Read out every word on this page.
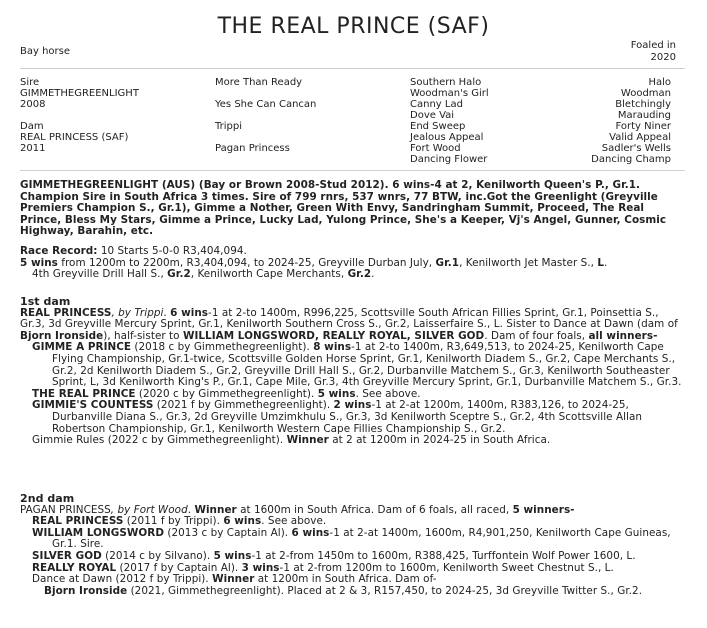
THE REAL PRINCE (SAF)
Bay horse
Foaled in
2020
Sire
GIMMETHEGREENLIGHT
2008
Dam
REAL PRINCESS (SAF)
2011
More Than Ready
Yes She Can Cancan
Trippi
Pagan Princess
Southern Halo
Woodman's Girl
Canny Lad
Dove Vai
End Sweep
Jealous Appeal
Fort Wood
Dancing Flower
Halo
Woodman
Bletchingly
Marauding
Forty Niner
Valid Appeal
Sadler's Wells
Dancing Champ
GIMMETHEGREENLIGHT (AUS) (Bay or Brown 2008-Stud 2012). 6 wins-4 at 2, Kenilworth Queen's P., Gr.1. Champion Sire in South Africa 3 times. Sire of 799 rnrs, 537 wnrs, 77 BTW, inc.Got the Greenlight (Greyville Premiers Champion S., Gr.1), Gimme a Nother, Green With Envy, Sandringham Summit, Proceed, The Real Prince, Bless My Stars, Gimme a Prince, Lucky Lad, Yulong Prince, She's a Keeper, Vj's Angel, Gunner, Cosmic Highway, Barahin, etc.

Race Record: 10 Starts 5-0-0 R3,404,094.

5 wins from 1200m to 2200m, R3,404,094, to 2024-25, Greyville Durban July, Gr.1, Kenilworth Jet Master S., L.
4th Greyville Drill Hall S., Gr.2, Kenilworth Cape Merchants, Gr.2.

1st dam

REAL PRINCESS, by Trippi. 6 wins-1 at 2-to 1400m, R996,225, Scottsville South African Fillies Sprint, Gr.1, Poinsettia S., Gr.3, 3d Greyville Mercury Sprint, Gr.1, Kenilworth Southern Cross S., Gr.2, Laisserfaire S., L. Sister to Dance at Dawn (dam of Bjorn Ironside), half-sister to WILLIAM LONGSWORD, REALLY ROYAL, SILVER GOD. Dam of four foals, all winners-

GIMME A PRINCE (2018 c by Gimmethegreenlight). 8 wins-1 at 2-to 1400m, R3,649,513, to 2024-25, Kenilworth Cape Flying Championship, Gr.1-twice, Scottsville Golden Horse Sprint, Gr.1, Kenilworth Diadem S., Gr.2, Cape Merchants S., Gr.2, 2d Kenilworth Diadem S., Gr.2, Greyville Drill Hall S., Gr.2, Durbanville Matchem S., Gr.3, Kenilworth Southeaster Sprint, L, 3d Kenilworth King's P., Gr.1, Cape Mile, Gr.3, 4th Greyville Mercury Sprint, Gr.1, Durbanville Matchem S., Gr.3.

THE REAL PRINCE (2020 c by Gimmethegreenlight). 5 wins. See above.

GIMMIE'S COUNTESS (2021 f by Gimmethegreenlight). 2 wins-1 at 2-at 1200m, 1400m, R383,126, to 2024-25, Durbanville Diana S., Gr.3, 2d Greyville Umzimkhulu S., Gr.3, 3d Kenilworth Sceptre S., Gr.2, 4th Scottsville Allan Robertson Championship, Gr.1, Kenilworth Western Cape Fillies Championship S., Gr.2.

Gimmie Rules (2022 c by Gimmethegreenlight). Winner at 2 at 1200m in 2024-25 in South Africa.

2nd dam

PAGAN PRINCESS, by Fort Wood. Winner at 1600m in South Africa. Dam of 6 foals, all raced, 5 winners-

REAL PRINCESS (2011 f by Trippi). 6 wins. See above.

WILLIAM LONGSWORD (2013 c by Captain Al). 6 wins-1 at 2-at 1400m, 1600m, R4,901,250, Kenilworth Cape Guineas, Gr.1. Sire.

SILVER GOD (2014 c by Silvano). 5 wins-1 at 2-from 1450m to 1600m, R388,425, Turffontein Wolf Power 1600, L.

REALLY ROYAL (2017 f by Captain Al). 3 wins-1 at 2-from 1200m to 1600m, Kenilworth Sweet Chestnut S., L.

Dance at Dawn (2012 f by Trippi). Winner at 1200m in South Africa. Dam of-

Bjorn Ironside (2021, Gimmethegreenlight). Placed at 2 & 3, R157,450, to 2024-25, 3d Greyville Twitter S., Gr.2.
